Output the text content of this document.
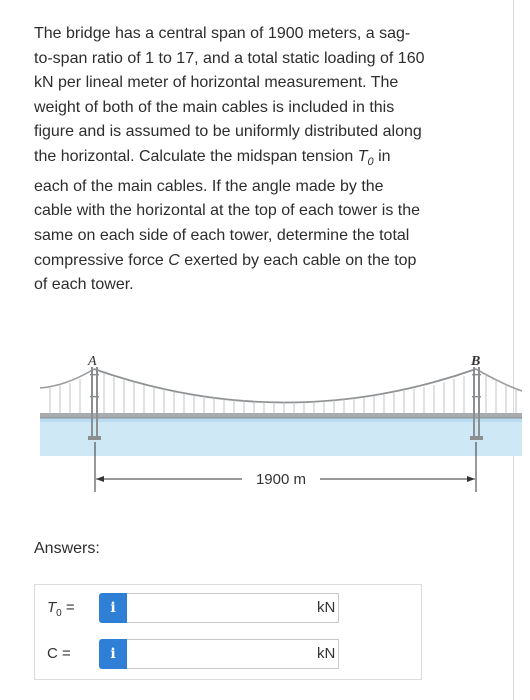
The bridge has a central span of 1900 meters, a sag-to-span ratio of 1 to 17, and a total static loading of 160 kN per lineal meter of horizontal measurement. The weight of both of the main cables is included in this figure and is assumed to be uniformly distributed along the horizontal. Calculate the midspan tension $T_0$ in each of the main cables. If the angle made by the cable with the horizontal at the top of each tower is the same on each side of each tower, determine the total compressive force C exerted by each cable on the top of each tower.

A	B
1900 m
Answers:
$T_0$ =	i	kN
C =	i	kN
